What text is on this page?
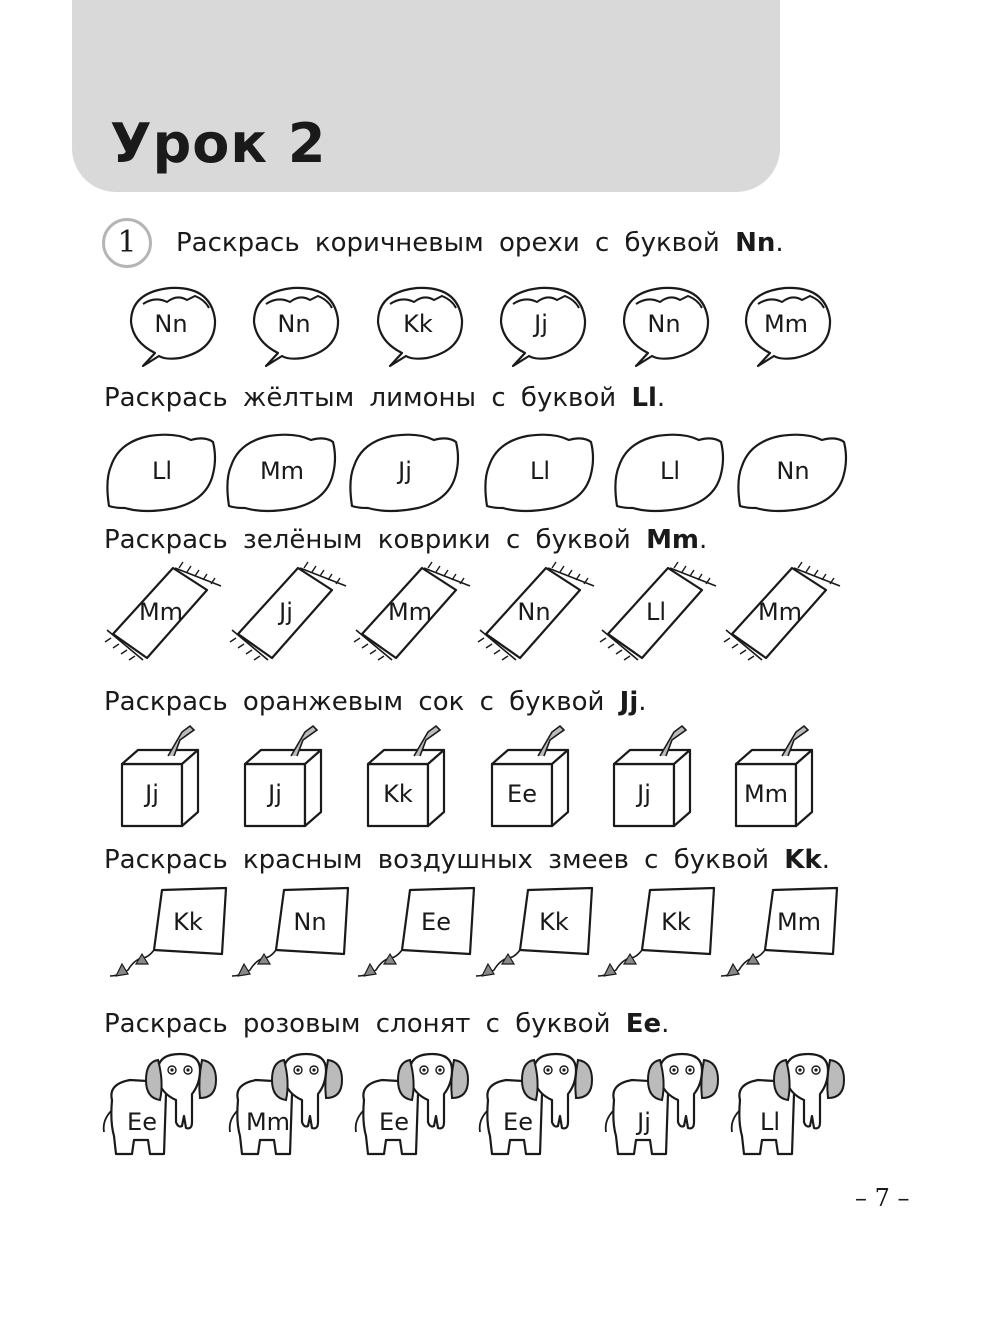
Урок 2
1	Раскрась коричневым орехи с буквой Nn.
Nn	Nn	Kk	Jj	Nn	Mm
Раскрась жёлтым лимоны с буквой Ll.
Ll	Mm	Jj	Ll	Ll	Nn
Раскрась зелёным коврики с буквой Mm.
Mm	Jj	Mm	Nn	Ll	Mm
Раскрась оранжевым сок с буквой Jj.
Jj	Jj	Kk	Ee	Jj	Mm
Раскрась красным воздушных змеев с буквой Kk.
Kk	Nn	Ee	Kk	Kk	Mm
Раскрась розовым слонят с буквой Ee.
Ee	Mm	Ee	Ee	Jj	Ll
– 7 –
